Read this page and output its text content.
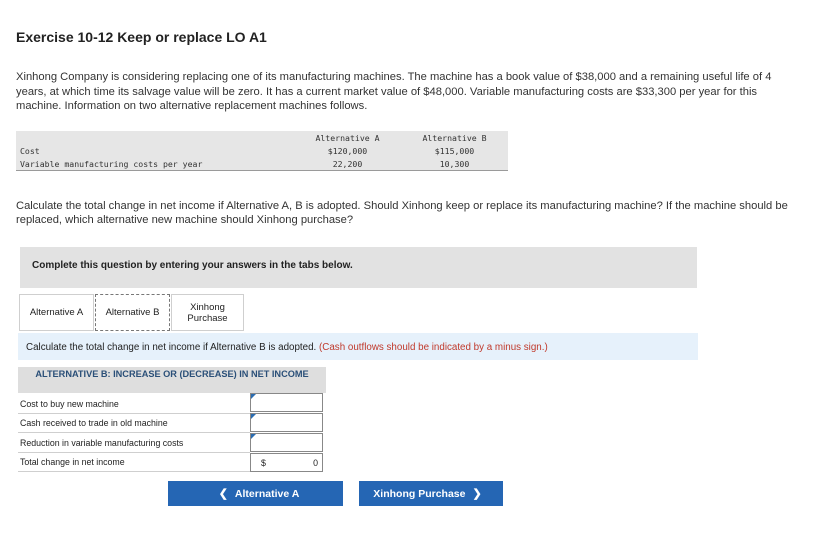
Exercise 10-12 Keep or replace LO A1
Xinhong Company is considering replacing one of its manufacturing machines. The machine has a book value of $38,000 and a remaining useful life of 4 years, at which time its salvage value will be zero. It has a current market value of $48,000. Variable manufacturing costs are $33,300 per year for this machine. Information on two alternative replacement machines follows.
	Alternative A	Alternative B
Cost	$120,000	$115,000
Variable manufacturing costs per year	22,200	10,300

Calculate the total change in net income if Alternative A, B is adopted. Should Xinhong keep or replace its manufacturing machine? If the machine should be replaced, which alternative new machine should Xinhong purchase?
Complete this question by entering your answers in the tabs below.
Alternative A	Alternative B	Xinhong Purchase
Calculate the total change in net income if Alternative B is adopted. (Cash outflows should be indicated by a minus sign.)
ALTERNATIVE B: INCREASE OR (DECREASE) IN NET INCOME
Cost to buy new machine
Cash received to trade in old machine
Reduction in variable manufacturing costs
Total change in net income	$	0
❮ Alternative A	Xinhong Purchase ❯
